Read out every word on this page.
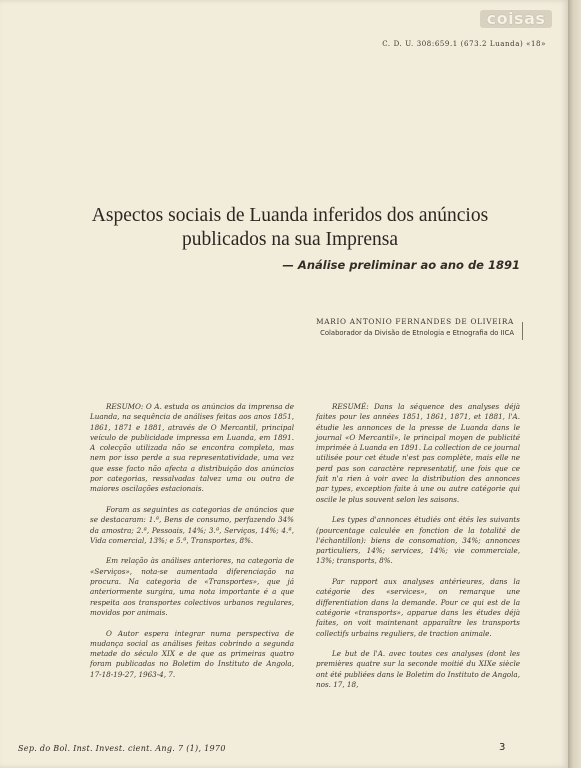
coisas
C. D. U. 308:659.1 (673.2 Luanda) «18»
Aspectos sociais de Luanda inferidos dos anúncios
publicados na sua Imprensa
— Análise preliminar ao ano de 1891
MARIO ANTONIO FERNANDES DE OLIVEIRA
Colaborador da Divisão de Etnologia e Etnografia do IICA

RESUMO: O A. estuda os anúncios da imprensa de Luanda, na sequência de análises feitas aos anos 1851, 1861, 1871 e 1881, através de O Mercantil, principal veículo de publicidade impressa em Luanda, em 1891. A colecção utilizada não se encontra completa, mas nem por isso perde a sua representatividade, uma vez que esse facto não afecta a distribuição dos anúncios por categorias, ressalvadas talvez uma ou outra de maiores oscilações estacionais.

Foram as seguintes as categorias de anúncios que se destacaram: 1.ª, Bens de consumo, perfazendo 34% da amostra; 2.ª, Pessoais, 14%; 3.ª, Serviços, 14%; 4.ª, Vida comercial, 13%; e 5.ª, Transportes, 8%.

Em relação às análises anteriores, na categoria de «Serviços», nota-se aumentada diferenciação na procura. Na categoria de «Transportes», que já anteriormente surgira, uma nota importante é a que respeita aos transportes colectivos urbanos regulares, movidos por animais.

O Autor espera integrar numa perspectiva de mudança social as análises feitas cobrindo a segunda metade do século XIX e de que as primeiras quatro foram publicadas no Boletim do Instituto de Angola, 17-18-19-27, 1963-4, 7.

RESUMÉ: Dans la séquence des analyses déjà faites pour les années 1851, 1861, 1871, et 1881, l'A. étudie les annonces de la presse de Luanda dans le journal «O Mercantil», le principal moyen de publicité imprimée à Luanda en 1891. La collection de ce journal utilisée pour cet étude n'est pas complète, mais elle ne perd pas son caractère representatif, une fois que ce fait n'a rien à voir avec la distribution des annonces par types, exception faite à une ou autre catégorie qui oscile le plus souvent selon les saisons.

Les types d'annonces étudiés ont étés les suivants (pourcentage calculée en fonction de la totalité de l'échantillon): biens de consomation, 34%; annonces particuliers, 14%; services, 14%; vie commerciale, 13%; transports, 8%.

Par rapport aux analyses antérieures, dans la catégorie des «services», on remarque une differentiation dans la demande. Pour ce qui est de la catégorie «transports», apparue dans les études déjà faites, on voit maintenant apparaître les transports collectifs urbains reguliers, de traction animale.

Le but de l'A. avec toutes ces analyses (dont les premières quatre sur la seconde moitié du XIXe siècle ont été publiées dans le Boletim do Instituto de Angola, nos. 17, 18,

Sep. do Bol. Inst. Invest. cient. Ang. 7 (1), 1970	3
